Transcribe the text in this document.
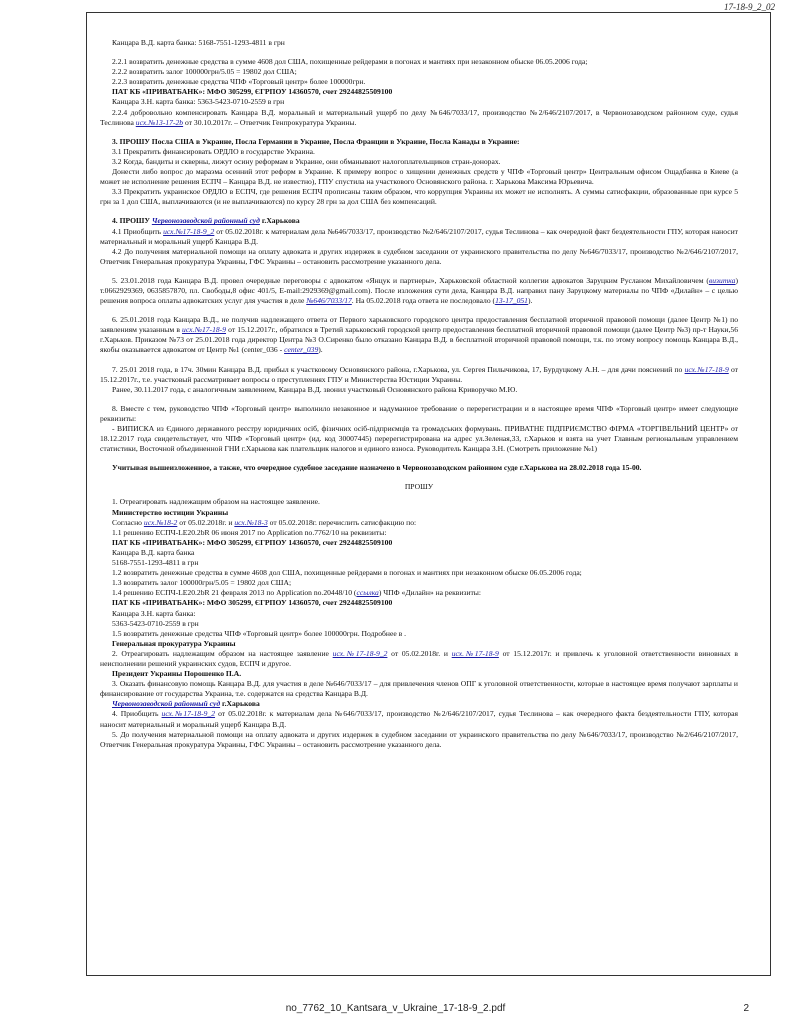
17-18-9_2_02

Канцара В.Д. карта банка: 5168-7551-1293-4811 в грн

2.2.1 возвратить денежные средства в сумме 4608 дол США, похищенные рейдерами в погонах и мантиях при незаконном обыске 06.05.2006 года;

2.2.2 возвратить залог 100000грн/5.05 = 19802 дол США;

2.2.3 возвратить денежные средства ЧПФ «Торговый центр» более 100000грн.

ПАТ КБ «ПРИВАТБАНК»: МФО 305299, ЄГРПОУ 14360570, счет 29244825509100

Канцара З.Н. карта банка: 5363-5423-0710-2559 в грн

2.2.4 добровольно компенсировать Канцара В.Д. моральный и материальный ущерб по делу №646/7033/17, производство №2/646/2107/2017, в Червонозаводском районном суде, судья Теслинова исх.№13-17-2b от 30.10.2017г. – Ответчик Генпрокуратура Украины.

3. ПРОШУ Посла США в Украине, Посла Германии в Украине, Посла Франции в Украине, Посла Канады в Украине:

3.1 Прекратить финансировать ОРДЛО в государстве Украина.

3.2 Когда, бандиты и скверны, лижут осину реформам в Украине, они обманывают налогоплательщиков стран-донорах.

Донести либо вопрос до мараэма осенний этот реформ в Украине. К примеру вопрос о хищении денежных средств у ЧПФ «Торговый центр» Центральным офисом Ощадбанка в Киеве (а может не исполнение решения ЕСПЧ – Канцара В.Д. не известно), ГПУ спустила на участкового Основянского района. г. Харькова Максима Юрьевича.

3.3 Прекратить украинское ОРДЛО в ЕСПЧ, где решения ЕСПЧ прописаны таким образом, что коррупция Украины их может не исполнять. А суммы сатисфакции, образованные при курсе 5 грн за 1 дол США, выплачиваются (и не выплачиваются) по курсу 28 грн за дол США без компенсаций.

4. ПРОШУ Червонозаводской районный суд г.Харькова

4.1 Приобщить исх.№17-18-9_2 от 05.02.2018г. к материалам дела №646/7033/17, производство №2/646/2107/2017, судья Теслинова – как очередной факт бездеятельности ГПУ, которая наносит материальный и моральный ущерб Канцара В.Д.

4.2 До получения материальной помощи на оплату адвоката и других издержек в судебном заседании от украинского правительства по делу №646/7033/17, производство №2/646/2107/2017, Ответчик Генеральная прокуратура Украины, ГФС Украины – остановить рассмотрение указанного дела.

5. 23.01.2018 года Канцара В.Д. провел очередные переговоры с адвокатом «Янцук и партнеры», Харьковской областной коллегии адвокатов Заруцким Русланом Михайловичем (визитка) т.0662929369, 0635857870, пл. Свободы,8 офис 401/5, E-mail:2929369@gmail.com). После изложения сути дела, Канцара В.Д. направил пану Заруцкому материалы по ЧПФ «Дилайн» – с целью решения вопроса оплаты адвокатских услуг для участия в деле №646/7033/17. На 05.02.2018 года ответа не последовало (13-17_051).

6. 25.01.2018 года Канцара В.Д., не получив надлежащего ответа от Первого харьковского городского центра предоставления бесплатной вторичной правовой помощи (далее Центр №1) по заявлениям указанным в исх.№17-18-9 от 15.12.2017г., обратился в Третий харьковский городской центр предоставления бесплатной вторичной правовой помощи (далее Центр №3) пр-т Науки,56 г.Харьков. Приказом №73 от 25.01.2018 года директор Центра №3 О.Сиренко было отказано Канцара В.Д. в бесплатной вторичной правовой помощи, т.к. по этому вопросу помощь Канцара В.Д., якобы оказывается адвокатом от Центр №1 (center_036 - center_039).

7. 25.01 2018 года, в 17ч. 30мин Канцара В.Д. прибыл к участковому Основянского района, г.Харькова, ул. Сергея Пилычикова, 17, Бурдуцкому А.Н. – для дачи пояснений по исх.№17-18-9 от 15.12.2017г., т.е. участковый рассматривает вопросы о преступлениях ГПУ и Министерства Юстиции Украины.

Ранее, 30.11.2017 года, с аналогичным заявлением, Канцара В.Д. звонил участковый Основянского района Криворучко М.Ю.

8. Вместе с тем, руководство ЧПФ «Торговый центр» выполнило незаконное и надуманное требование о перерегистрации и в настоящее время ЧПФ «Торговый центр» имеет следующие реквизиты:

- ВИПИСКА из Єдиного державного реєстру юридичних осіб, фізичних осіб-підприємців та громадських формувань. ПРИВАТНЕ ПІДПРИЄМСТВО ФІРМА «ТОРГІВЕЛЬНИЙ ЦЕНТР» от 18.12.2017 года свидетельствует, что ЧПФ «Торговый центр» (ид. код 30007445) перерегистрирована на адрес ул.Зеленая,33, г.Харьков и взята на учет Главным региональным управлением статистики, Восточной объединенной ГНИ г.Харькова как плательщик налогов и единого взноса. Руководитель Канцара З.Н. (Смотреть приложение №1)

Учитывая вышеизложенное, а также, что очередное судебное заседание назначено в Червонозаводском районном суде г.Харькова на 28.02.2018 года 15-00.

ПРОШУ

1. Отреагировать надлежащим образом на настоящее заявление.

Министерство юстиции Украины

Согласно исх.№18-2 от 05.02.2018г. и исх.№18-3 от 05.02.2018г. перечислить сатисфакцию по:

1.1 решению ЕСПЧ-LE20.2bR 06 июня 2017 по Application no.7762/10 на реквизиты:

ПАТ КБ «ПРИВАТБАНК»: МФО 305299, ЄГРПОУ 14360570, счет 29244825509100

Канцара В.Д. карта банка

5168-7551-1293-4811 в грн

1.2 возвратить денежные средства в сумме 4608 дол США, похищенные рейдерами в погонах и мантиях при незаконном обыске 06.05.2006 года;

1.3 возвратить залог 100000грн/5.05 = 19802 дол США;

1.4 решению ЕСПЧ-LE20.2bR 21 февраля 2013 по Application no.20448/10 (ссылка) ЧПФ «Дилайн» на реквизиты:

ПАТ КБ «ПРИВАТБАНК»: МФО 305299, ЄГРПОУ 14360570, счет 29244825509100

Канцара З.Н. карта банка:

5363-5423-0710-2559 в грн

1.5 возвратить денежные средства ЧПФ «Торговый центр» более 100000грн. Подробнее в .

Генеральная прокуратура Украины

2. Отреагировать надлежащим образом на настоящее заявление исх.№17-18-9_2 от 05.02.2018г. и исх.№17-18-9 от 15.12.2017г. и привлечь к уголовной ответственности виновных в неисполнении решений украинских судов, ЕСПЧ и другое.

Президент Украины Порошенко П.А.

3. Оказать финансовую помощь Канцара В.Д. для участия в деле №646/7033/17 – для привлечения членов ОПГ к уголовной ответственности, которые в настоящее время получают зарплаты и финансирование от государства Украина, т.е. содержатся на средства Канцара В.Д.

Червонозаводской районный суд г.Харькова

4. Приобщить исх.№17-18-9_2 от 05.02.2018г. к материалам дела №646/7033/17, производство №2/646/2107/2017, судья Теслинова – как очередного факта бездеятельности ГПУ, которая наносит материальный и моральный ущерб Канцара В.Д.

5. До получения материальной помощи на оплату адвоката и других издержек в судебном заседании от украинского правительства по делу №646/7033/17, производство №2/646/2107/2017, Ответчик Генеральная прокуратура Украины, ГФС Украины – остановить рассмотрение указанного дела.

no_7762_10_Kantsara_v_Ukraine_17-18-9_2.pdf	2
